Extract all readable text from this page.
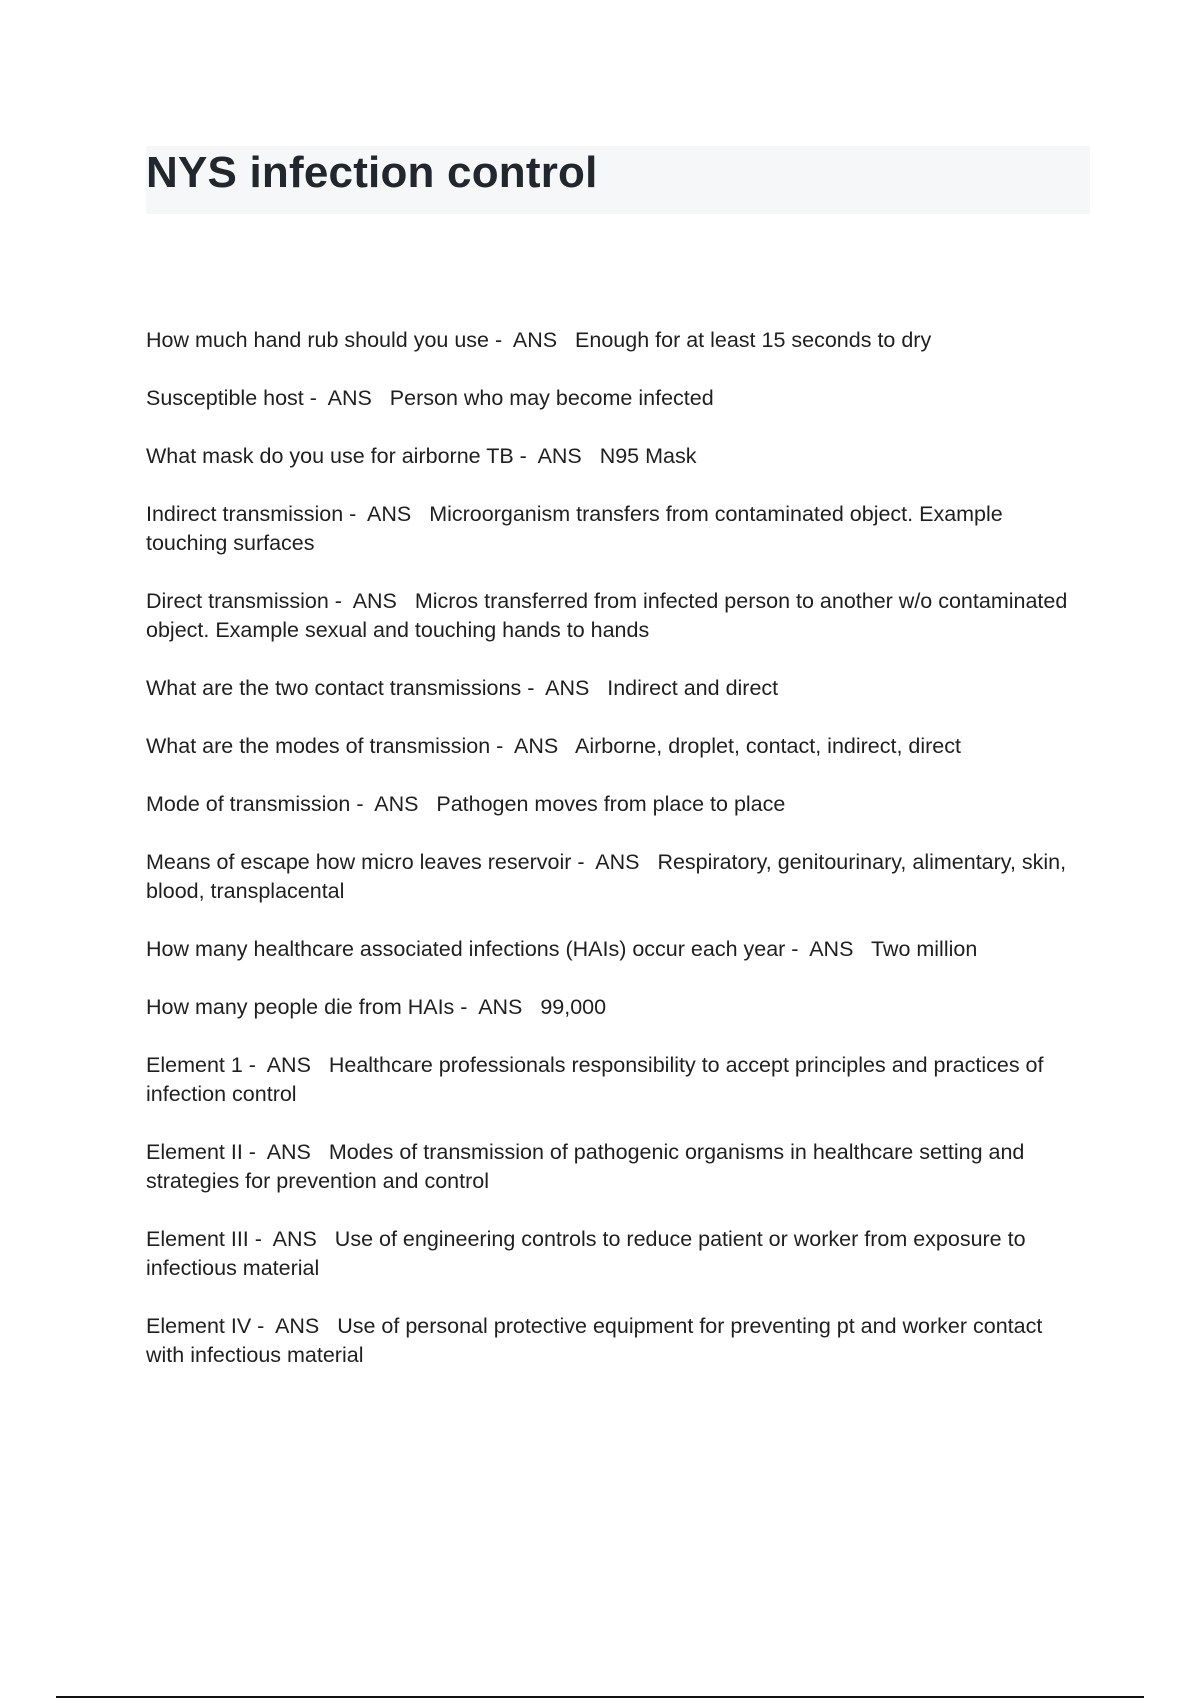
NYS infection control
How much hand rub should you use -  ANS   Enough for at least 15 seconds to dry
Susceptible host -  ANS   Person who may become infected
What mask do you use for airborne TB -  ANS   N95 Mask
Indirect transmission -  ANS   Microorganism transfers from contaminated object. Example touching surfaces
Direct transmission -  ANS   Micros transferred from infected person to another w/o contaminated object. Example sexual and touching hands to hands
What are the two contact transmissions -  ANS   Indirect and direct
What are the modes of transmission -  ANS   Airborne, droplet, contact, indirect, direct
Mode of transmission -  ANS   Pathogen moves from place to place
Means of escape how micro leaves reservoir -  ANS   Respiratory, genitourinary, alimentary, skin, blood, transplacental
How many healthcare associated infections (HAIs) occur each year -  ANS   Two million
How many people die from HAIs -  ANS   99,000
Element 1 -  ANS   Healthcare professionals responsibility to accept principles and practices of infection control
Element II -  ANS   Modes of transmission of pathogenic organisms in healthcare setting and strategies for prevention and control
Element III -  ANS   Use of engineering controls to reduce patient or worker from exposure to infectious material
Element IV -  ANS   Use of personal protective equipment for preventing pt and worker contact with infectious material
